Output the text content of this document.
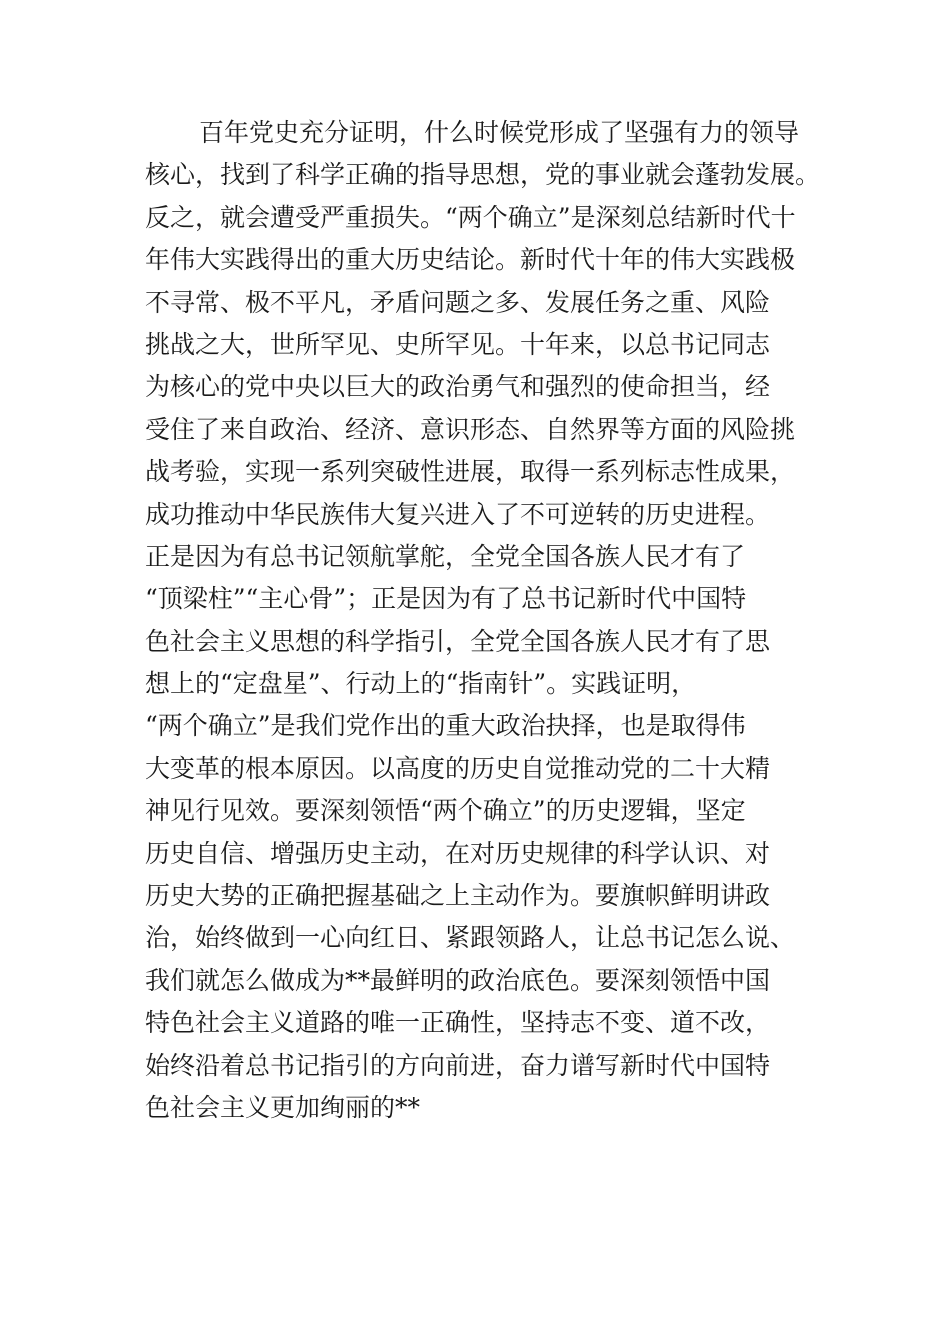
百年党史充分证明，什么时候党形成了坚强有力的领导
核心，找到了科学正确的指导思想，党的事业就会蓬勃发展。
反之，就会遭受严重损失。“两个确立”是深刻总结新时代十
年伟大实践得出的重大历史结论。新时代十年的伟大实践极
不寻常、极不平凡，矛盾问题之多、发展任务之重、风险
挑战之大，世所罕见、史所罕见。十年来，以总书记同志
为核心的党中央以巨大的政治勇气和强烈的使命担当，经
受住了来自政治、经济、意识形态、自然界等方面的风险挑
战考验，实现一系列突破性进展，取得一系列标志性成果，
成功推动中华民族伟大复兴进入了不可逆转的历史进程。
正是因为有总书记领航掌舵，全党全国各族人民才有了
“顶梁柱”“主心骨”；正是因为有了总书记新时代中国特
色社会主义思想的科学指引，全党全国各族人民才有了思
想上的“定盘星”、行动上的“指南针”。实践证明，
“两个确立”是我们党作出的重大政治抉择，也是取得伟
大变革的根本原因。以高度的历史自觉推动党的二十大精
神见行见效。要深刻领悟“两个确立”的历史逻辑，坚定
历史自信、增强历史主动，在对历史规律的科学认识、对
历史大势的正确把握基础之上主动作为。要旗帜鲜明讲政
治，始终做到一心向红日、紧跟领路人，让总书记怎么说、
我们就怎么做成为**最鲜明的政治底色。要深刻领悟中国
特色社会主义道路的唯一正确性，坚持志不变、道不改，
始终沿着总书记指引的方向前进，奋力谱写新时代中国特
色社会主义更加绚丽的**
